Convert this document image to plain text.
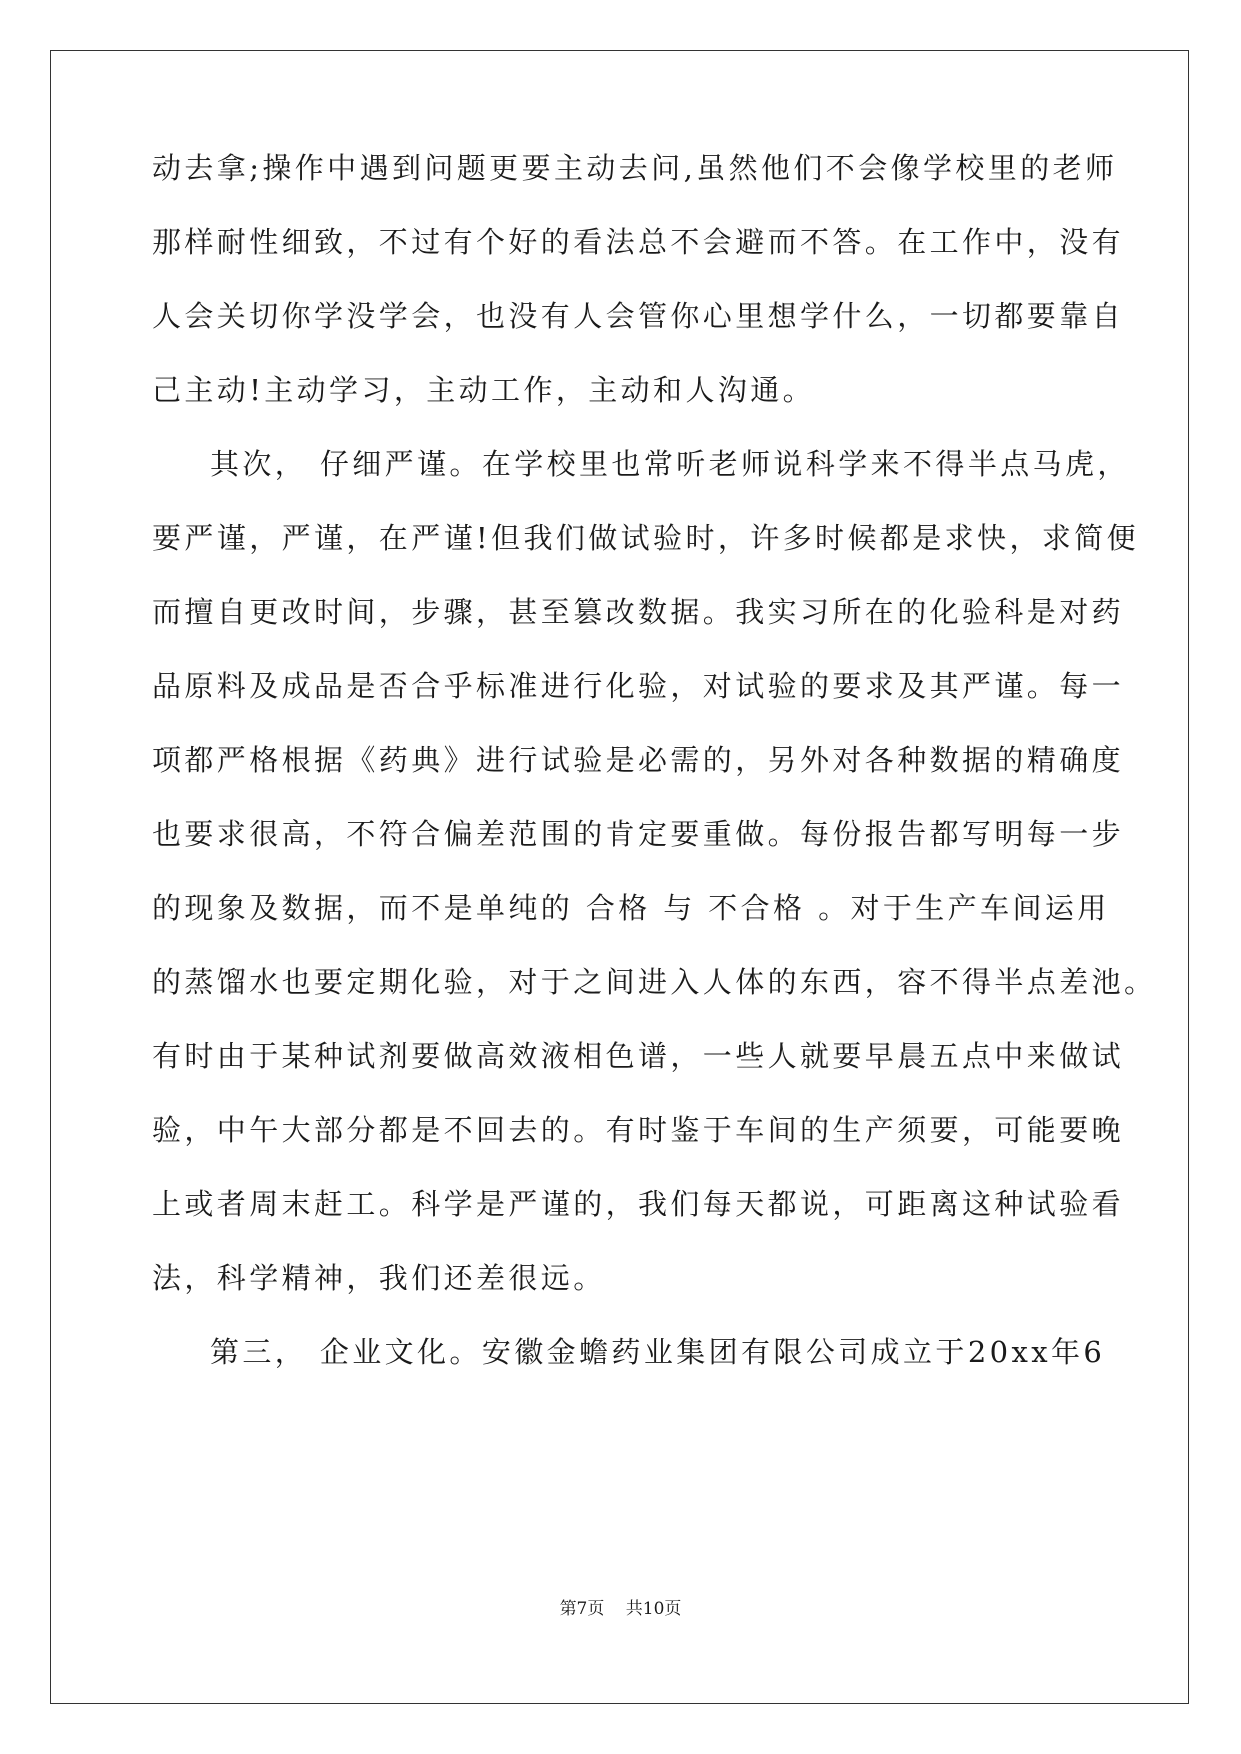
动去拿;操作中遇到问题更要主动去问,虽然他们不会像学校里的老师
那样耐性细致，不过有个好的看法总不会避而不答。在工作中，没有
人会关切你学没学会，也没有人会管你心里想学什么，一切都要靠自
己主动!主动学习，主动工作，主动和人沟通。
其次， 仔细严谨。在学校里也常听老师说科学来不得半点马虎，
要严谨，严谨，在严谨!但我们做试验时，许多时候都是求快，求简便
而擅自更改时间，步骤，甚至篡改数据。我实习所在的化验科是对药
品原料及成品是否合乎标准进行化验，对试验的要求及其严谨。每一
项都严格根据《药典》进行试验是必需的，另外对各种数据的精确度
也要求很高，不符合偏差范围的肯定要重做。每份报告都写明每一步
的现象及数据，而不是单纯的 合格 与 不合格 。对于生产车间运用
的蒸馏水也要定期化验，对于之间进入人体的东西，容不得半点差池。
有时由于某种试剂要做高效液相色谱，一些人就要早晨五点中来做试
验，中午大部分都是不回去的。有时鉴于车间的生产须要，可能要晚
上或者周末赶工。科学是严谨的，我们每天都说，可距离这种试验看
法，科学精神，我们还差很远。
第三， 企业文化。安徽金蟾药业集团有限公司成立于20xx年6
第7页 共10页
